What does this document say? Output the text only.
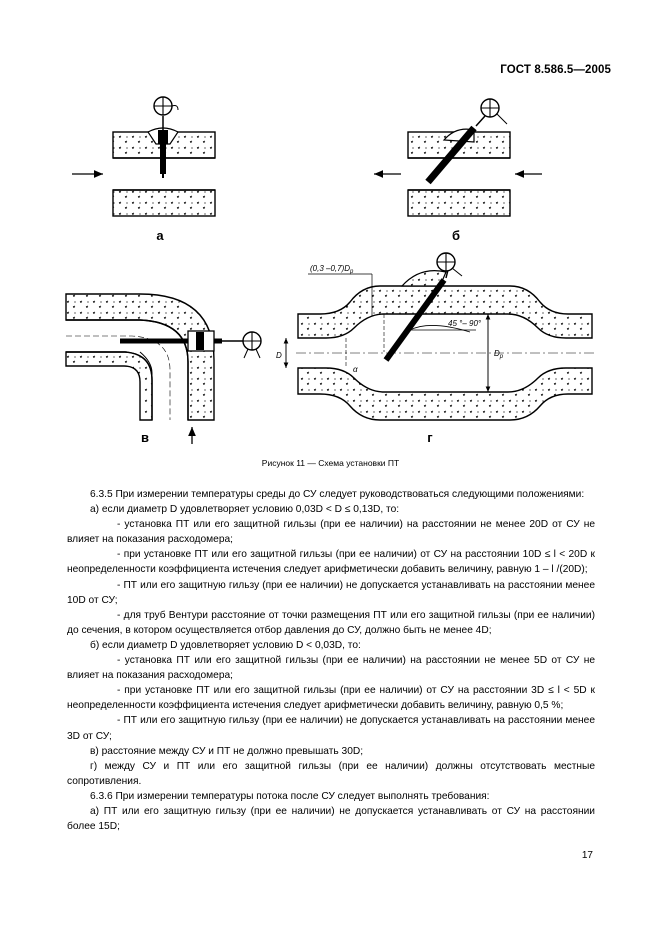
ГОСТ 8.586.5—2005
а	б
в
45 °– 90°
D	$D_p$
(0,3 $-0,7)D_p$
α
г
Рисунок 11 — Схема установки ПТ

6.3.5 При измерении температуры среды до СУ следует руководствоваться следующими положениями:

а) если диаметр D удовлетворяет условию 0,03D < D ≤ 0,13D, то:

- установка ПТ или его защитной гильзы (при ее наличии) на расстоянии не менее 20D от СУ не влияет на показания расходомера;

- при установке ПТ или его защитной гильзы (при ее наличии) от СУ на расстоянии 10D ≤ l < 20D к неопределенности коэффициента истечения следует арифметически добавить величину, равную 1 – l /(20D);

- ПТ или его защитную гильзу (при ее наличии) не допускается устанавливать на расстоянии менее 10D от СУ;

- для труб Вентури расстояние от точки размещения ПТ или его защитной гильзы (при ее наличии) до сечения, в котором осуществляется отбор давления до СУ, должно быть не менее 4D;

б) если диаметр D удовлетворяет условию D < 0,03D, то:

- установка ПТ или его защитной гильзы (при ее наличии) на расстоянии не менее 5D от СУ не влияет на показания расходомера;

- при установке ПТ или его защитной гильзы (при ее наличии) от СУ на расстоянии 3D ≤ l < 5D к неопределенности коэффициента истечения следует арифметически добавить величину, равную 0,5 %;

- ПТ или его защитную гильзу (при ее наличии) не допускается устанавливать на расстоянии менее 3D от СУ;

в) расстояние между СУ и ПТ не должно превышать 30D;

г) между СУ и ПТ или его защитной гильзы (при ее наличии) должны отсутствовать местные сопротивления.

6.3.6 При измерении температуры потока после СУ следует выполнять требования:

а) ПТ или его защитную гильзу (при ее наличии) не допускается устанавливать от СУ на расстоянии более 15D;

17
